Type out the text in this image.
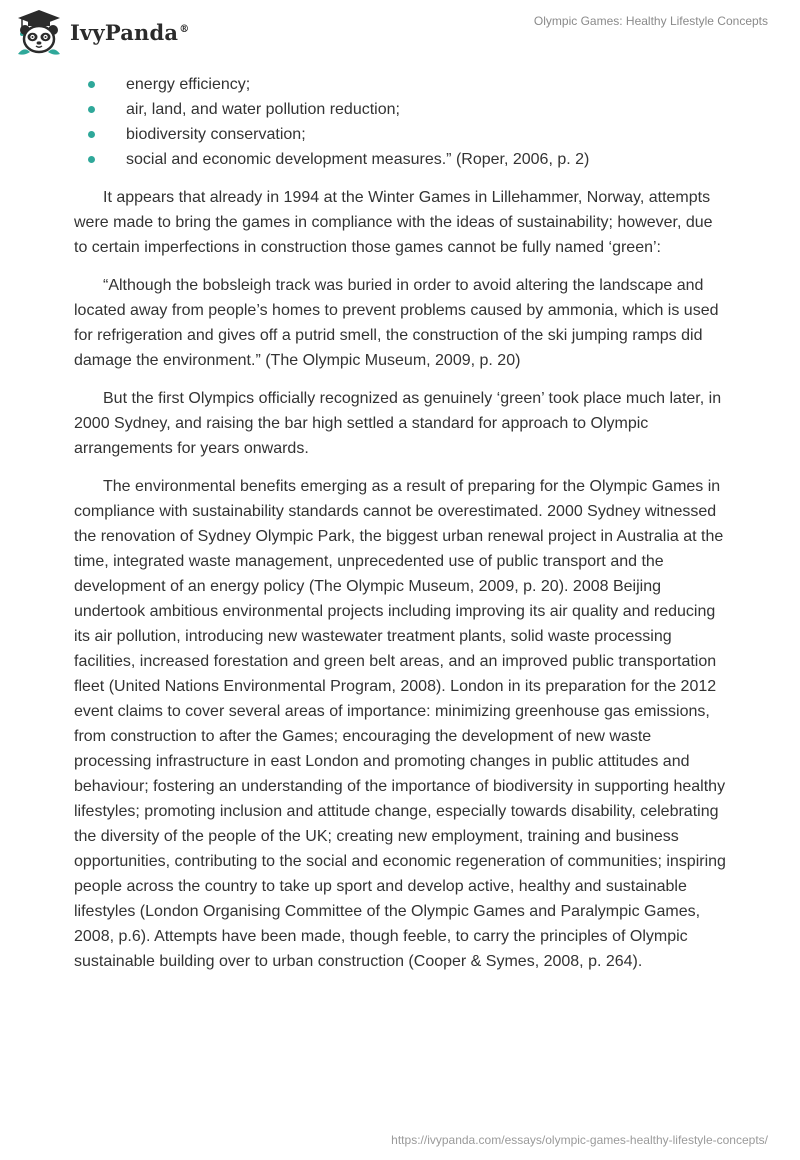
IvyPanda®
Olympic Games: Healthy Lifestyle Concepts
energy efficiency;
air, land, and water pollution reduction;
biodiversity conservation;
social and economic development measures.” (Roper, 2006, p. 2)

It appears that already in 1994 at the Winter Games in Lillehammer, Norway, attempts were made to bring the games in compliance with the ideas of sustainability; however, due to certain imperfections in construction those games cannot be fully named ‘green’:

“Although the bobsleigh track was buried in order to avoid altering the landscape and located away from people’s homes to prevent problems caused by ammonia, which is used for refrigeration and gives off a putrid smell, the construction of the ski jumping ramps did damage the environment.” (The Olympic Museum, 2009, p. 20)

But the first Olympics officially recognized as genuinely ‘green’ took place much later, in 2000 Sydney, and raising the bar high settled a standard for approach to Olympic arrangements for years onwards.

The environmental benefits emerging as a result of preparing for the Olympic Games in compliance with sustainability standards cannot be overestimated. 2000 Sydney witnessed the renovation of Sydney Olympic Park, the biggest urban renewal project in Australia at the time, integrated waste management, unprecedented use of public transport and the development of an energy policy (The Olympic Museum, 2009, p. 20). 2008 Beijing undertook ambitious environmental projects including improving its air quality and reducing its air pollution, introducing new wastewater treatment plants, solid waste processing facilities, increased forestation and green belt areas, and an improved public transportation fleet (United Nations Environmental Program, 2008). London in its preparation for the 2012 event claims to cover several areas of importance: minimizing greenhouse gas emissions, from construction to after the Games; encouraging the development of new waste processing infrastructure in east London and promoting changes in public attitudes and behaviour; fostering an understanding of the importance of biodiversity in supporting healthy lifestyles; promoting inclusion and attitude change, especially towards disability, celebrating the diversity of the people of the UK; creating new employment, training and business opportunities, contributing to the social and economic regeneration of communities; inspiring people across the country to take up sport and develop active, healthy and sustainable lifestyles (London Organising Committee of the Olympic Games and Paralympic Games, 2008, p.6). Attempts have been made, though feeble, to carry the principles of Olympic sustainable building over to urban construction (Cooper & Symes, 2008, p. 264).

https://ivypanda.com/essays/olympic-games-healthy-lifestyle-concepts/
